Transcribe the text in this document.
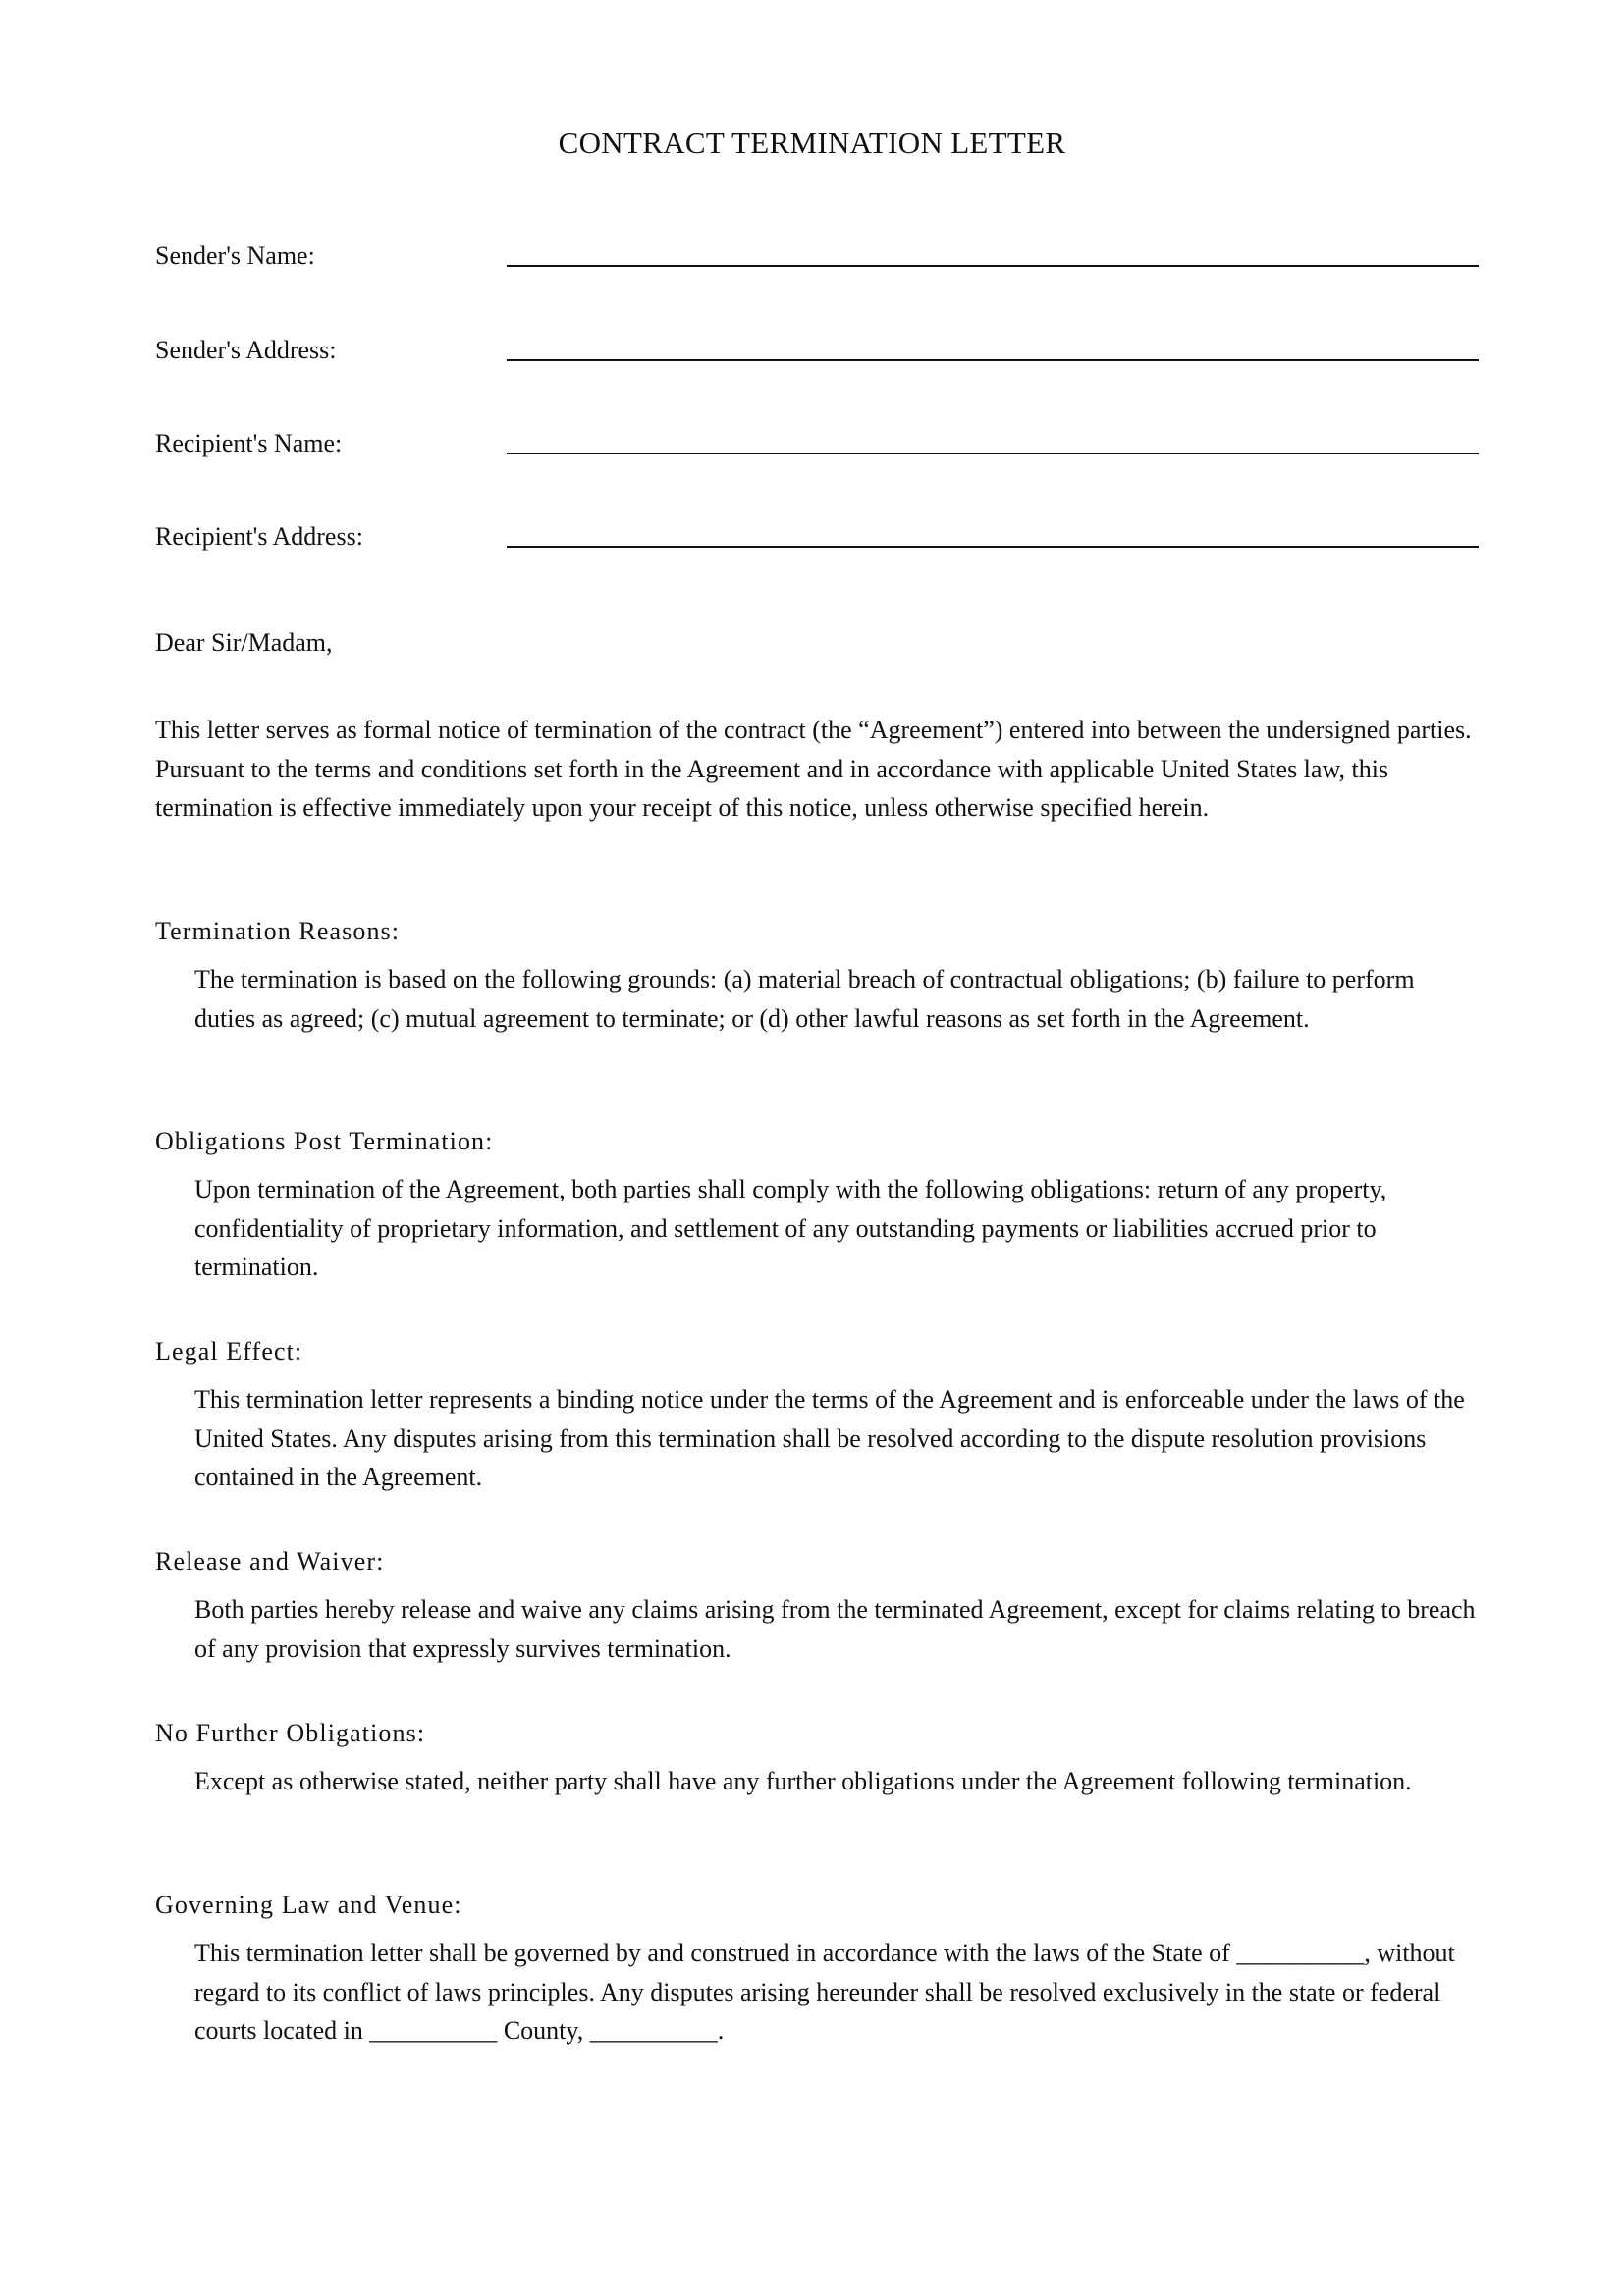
CONTRACT TERMINATION LETTER
Sender's Name:
Sender's Address:
Recipient's Name:
Recipient's Address:
Dear Sir/Madam,

This letter serves as formal notice of termination of the contract (the “Agreement”) entered into between the undersigned parties. Pursuant to the terms and conditions set forth in the Agreement and in accordance with applicable United States law, this termination is effective immediately upon your receipt of this notice, unless otherwise specified herein.

Termination Reasons:

The termination is based on the following grounds: (a) material breach of contractual obligations; (b) failure to perform duties as agreed; (c) mutual agreement to terminate; or (d) other lawful reasons as set forth in the Agreement.

Obligations Post Termination:

Upon termination of the Agreement, both parties shall comply with the following obligations: return of any property, confidentiality of proprietary information, and settlement of any outstanding payments or liabilities accrued prior to termination.

Legal Effect:

This termination letter represents a binding notice under the terms of the Agreement and is enforceable under the laws of the United States. Any disputes arising from this termination shall be resolved according to the dispute resolution provisions contained in the Agreement.

Release and Waiver:

Both parties hereby release and waive any claims arising from the terminated Agreement, except for claims relating to breach of any provision that expressly survives termination.

No Further Obligations:

Except as otherwise stated, neither party shall have any further obligations under the Agreement following termination.

Governing Law and Venue:

This termination letter shall be governed by and construed in accordance with the laws of the State of __________, without regard to its conflict of laws principles. Any disputes arising hereunder shall be resolved exclusively in the state or federal courts located in __________ County, __________.
